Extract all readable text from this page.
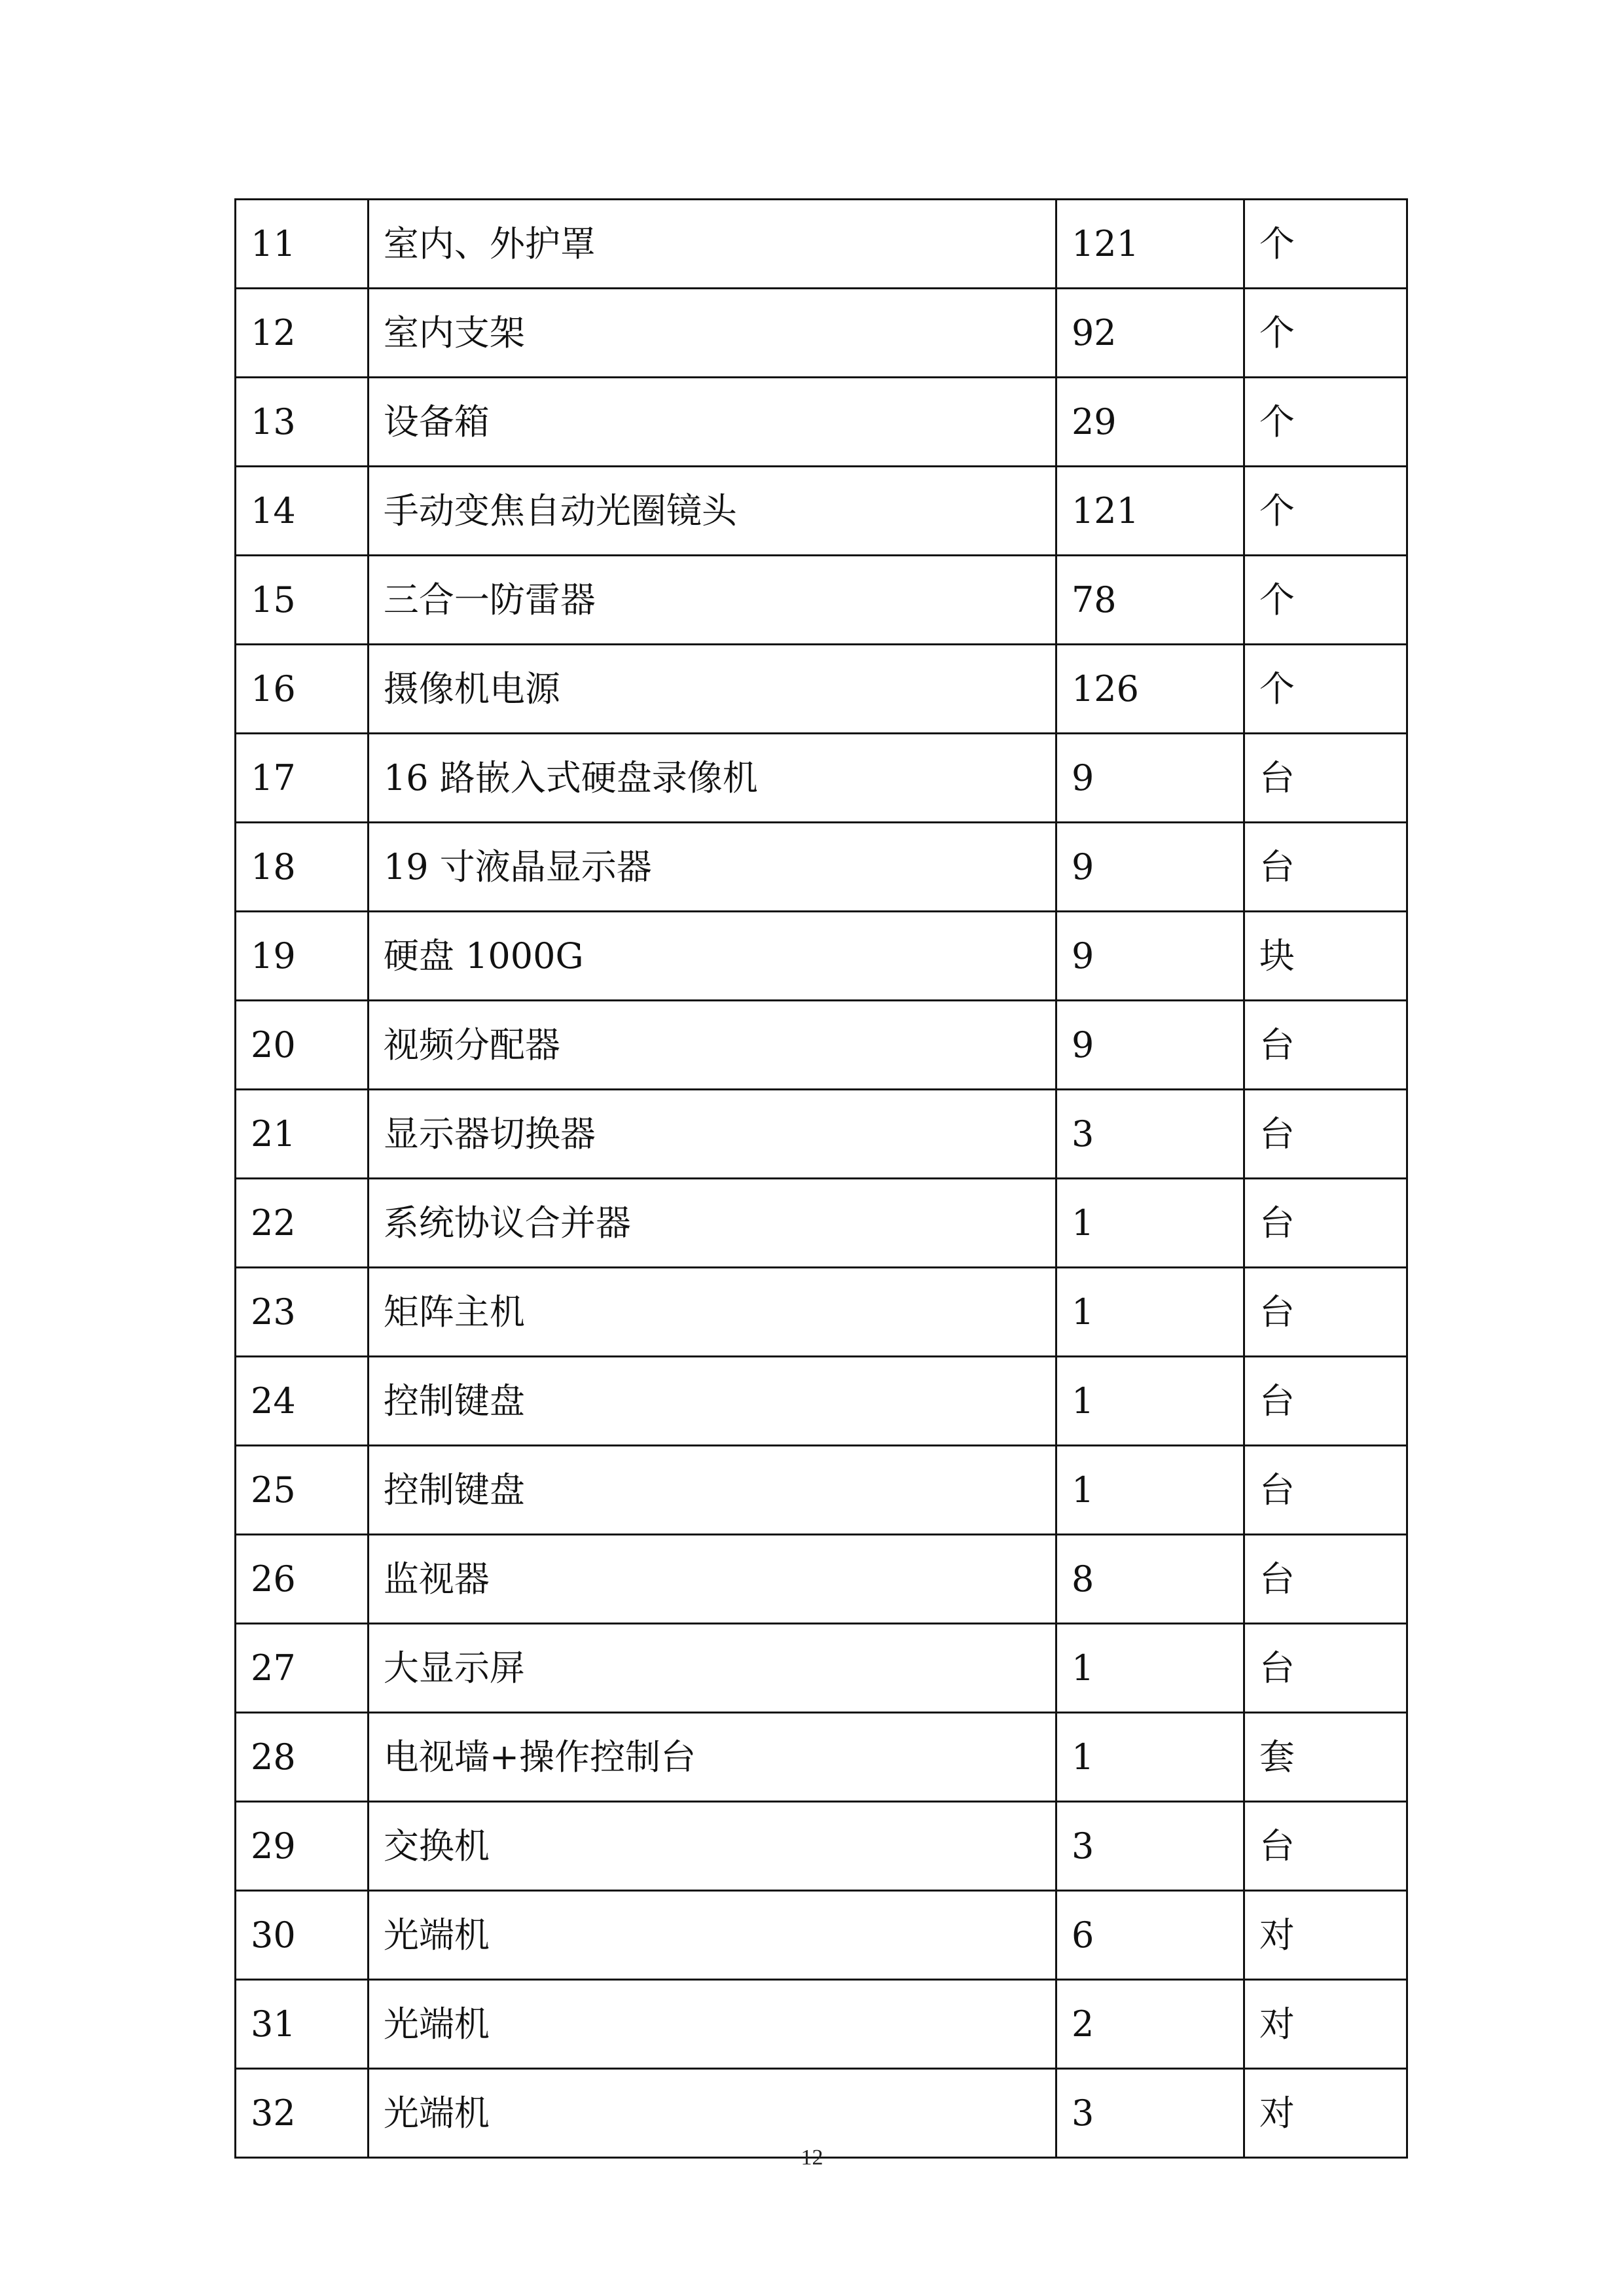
11	室内、外护罩	121	个
12	室内支架	92	个
13	设备箱	29	个
14	手动变焦自动光圈镜头	121	个
15	三合一防雷器	78	个
16	摄像机电源	126	个
17	16 路嵌入式硬盘录像机	9	台
18	19 寸液晶显示器	9	台
19	硬盘 1000G	9	块
20	视频分配器	9	台
21	显示器切换器	3	台
22	系统协议合并器	1	台
23	矩阵主机	1	台
24	控制键盘	1	台
25	控制键盘	1	台
26	监视器	8	台
27	大显示屏	1	台
28	电视墙+操作控制台	1	套
29	交换机	3	台
30	光端机	6	对
31	光端机	2	对
32	光端机	3	对
12
